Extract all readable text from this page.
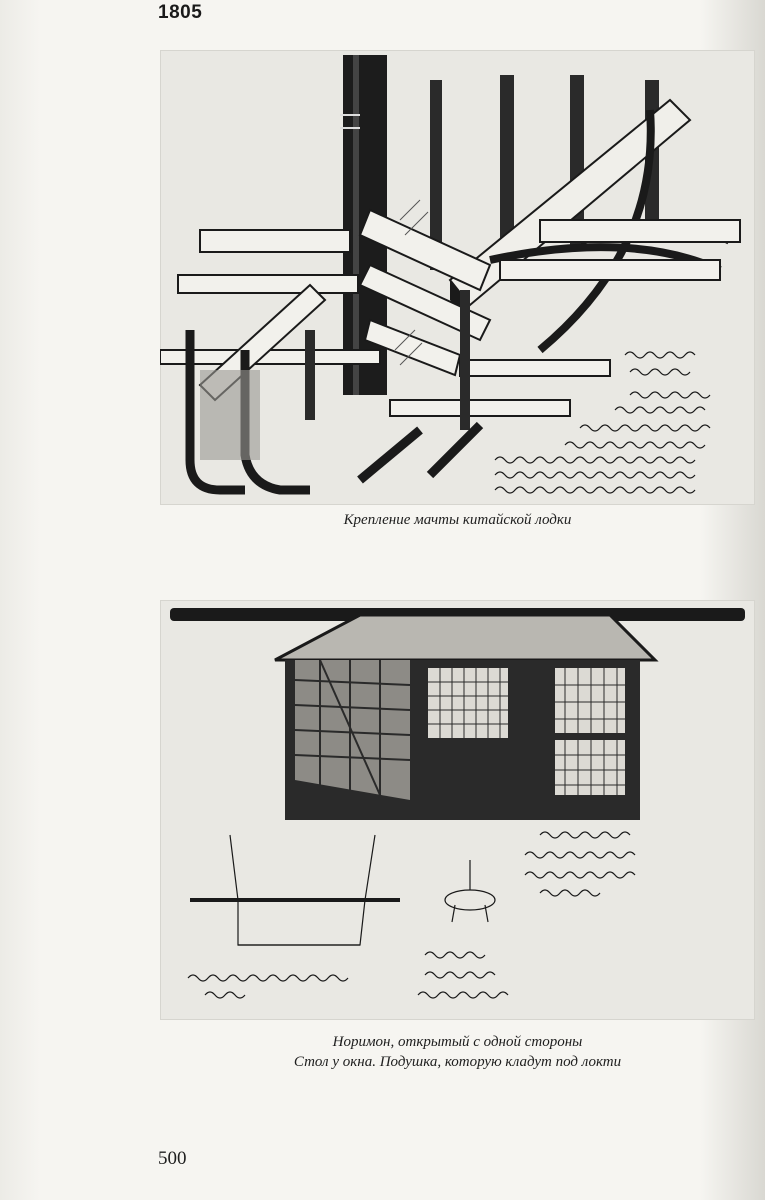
1805
Крепление мачты китайской лодки
Норимон, открытый с одной стороны
Стол у окна. Подушка, которую кладут под локти
500
